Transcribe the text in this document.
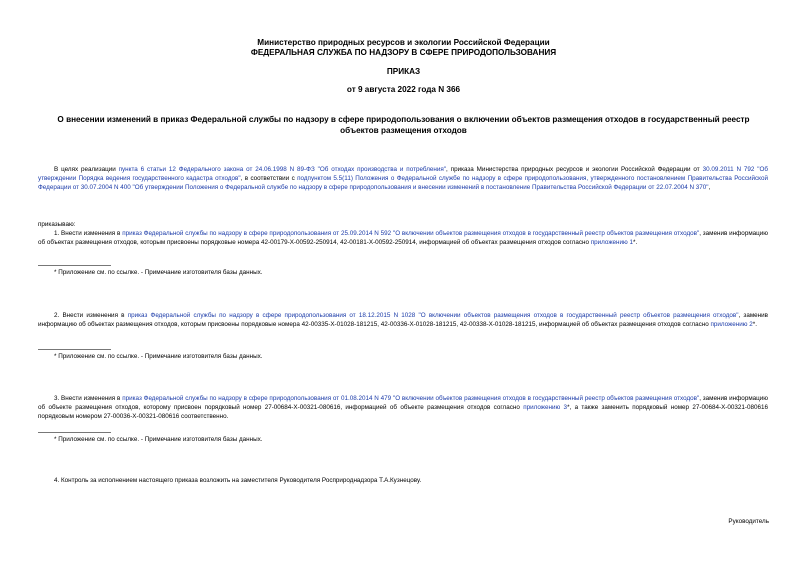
Министерство природных ресурсов и экологии Российской Федерации
ФЕДЕРАЛЬНАЯ СЛУЖБА ПО НАДЗОРУ В СФЕРЕ ПРИРОДОПОЛЬЗОВАНИЯ
ПРИКАЗ
от 9 августа 2022 года N 366
О внесении изменений в приказ Федеральной службы по надзору в сфере природопользования о включении объектов размещения отходов в государственный реестр объектов размещения отходов
В целях реализации пункта 6 статьи 12 Федерального закона от 24.06.1998 N 89-ФЗ "Об отходах производства и потребления", приказа Министерства природных ресурсов и экологии Российской Федерации от 30.09.2011 N 792 "Об утверждении Порядка ведения государственного кадастра отходов", в соответствии с подпунктом 5.5(11) Положения о Федеральной службе по надзору в сфере природопользования, утвержденного постановлением Правительства Российской Федерации от 30.07.2004 N 400 "Об утверждении Положения о Федеральной службе по надзору в сфере природопользования и внесении изменений в постановление Правительства Российской Федерации от 22.07.2004 N 370",
приказываю:
1. Внести изменения в приказ Федеральной службы по надзору в сфере природопользования от 25.09.2014 N 592 "О включении объектов размещения отходов в государственный реестр объектов размещения отходов", заменив информацию об объектах размещения отходов, которым присвоены порядковые номера 42-00179-Х-00592-250914, 42-00181-Х-00592-250914, информацией об объектах размещения отходов согласно приложению 1*.
* Приложение см. по ссылке. - Примечание изготовителя базы данных.
2. Внести изменения в приказ Федеральной службы по надзору в сфере природопользования от 18.12.2015 N 1028 "О включении объектов размещения отходов в государственный реестр объектов размещения отходов", заменив информацию об объектах размещения отходов, которым присвоены порядковые номера 42-00335-Х-01028-181215, 42-00336-Х-01028-181215, 42-00338-Х-01028-181215, информацией об объектах размещения отходов согласно приложению 2*.
* Приложение см. по ссылке. - Примечание изготовителя базы данных.
3. Внести изменения в приказ Федеральной службы по надзору в сфере природопользования от 01.08.2014 N 479 "О включении объектов размещения отходов в государственный реестр объектов размещения отходов", заменив информацию об объекте размещения отходов, которому присвоен порядковый номер 27-00684-Х-00321-080616, информацией об объекте размещения отходов согласно приложению 3*, а также заменить порядковый номер 27-00684-Х-00321-080616 порядковым номером 27-00036-Х-00321-080616 соответственно.
* Приложение см. по ссылке. - Примечание изготовителя базы данных.
4. Контроль за исполнением настоящего приказа возложить на заместителя Руководителя Росприроднадзора Т.А.Кузнецову.
Руководитель
